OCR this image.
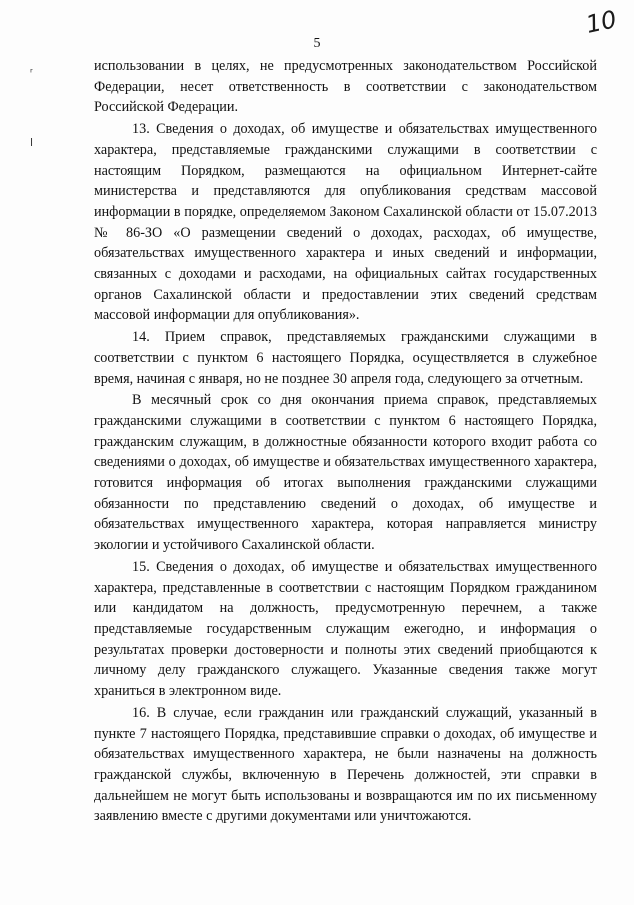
10
5
ʳ
ⅼ

использовании в целях, не предусмотренных законодательством Российской Федерации, несет ответственность в соответствии с законодательством Российской Федерации.

13. Сведения о доходах, об имуществе и обязательствах имущественного характера, представляемые гражданскими служащими в соответствии с настоящим Порядком, размещаются на официальном Интернет-сайте министерства и представляются для опубликования средствам массовой информации в порядке, определяемом Законом Сахалинской области от 15.07.2013 № 86-ЗО «О размещении сведений о доходах, расходах, об имуществе, обязательствах имущественного характера и иных сведений и информации, связанных с доходами и расходами, на официальных сайтах государственных органов Сахалинской области и предоставлении этих сведений средствам массовой информации для опубликования».

14. Прием справок, представляемых гражданскими служащими в соответствии с пунктом 6 настоящего Порядка, осуществляется в служебное время, начиная с января, но не позднее 30 апреля года, следующего за отчетным.

В месячный срок со дня окончания приема справок, представляемых гражданскими служащими в соответствии с пунктом 6 настоящего Порядка, гражданским служащим, в должностные обязанности которого входит работа со сведениями о доходах, об имуществе и обязательствах имущественного характера, готовится информация об итогах выполнения гражданскими служащими обязанности по представлению сведений о доходах, об имуществе и обязательствах имущественного характера, которая направляется министру экологии и устойчивого Сахалинской области.

15. Сведения о доходах, об имуществе и обязательствах имущественного характера, представленные в соответствии с настоящим Порядком гражданином или кандидатом на должность, предусмотренную перечнем, а также представляемые государственным служащим ежегодно, и информация о результатах проверки достоверности и полноты этих сведений приобщаются к личному делу гражданского служащего. Указанные сведения также могут храниться в электронном виде.

16. В случае, если гражданин или гражданский служащий, указанный в пункте 7 настоящего Порядка, представившие справки о доходах, об имуществе и обязательствах имущественного характера, не были назначены на должность гражданской службы, включенную в Перечень должностей, эти справки в дальнейшем не могут быть использованы и возвращаются им по их письменному заявлению вместе с другими документами или уничтожаются.
